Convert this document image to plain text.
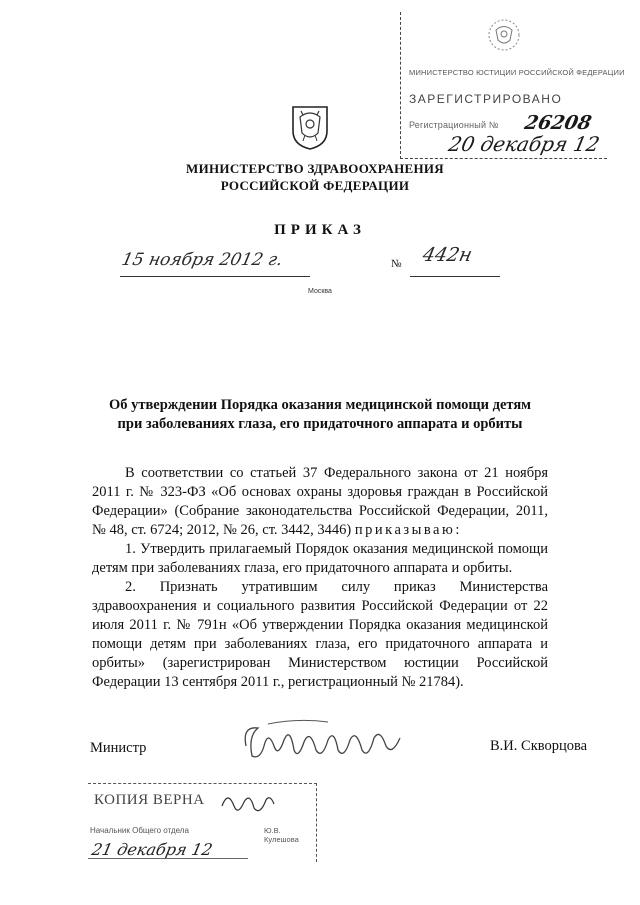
МИНИСТЕРСТВО ЮСТИЦИИ РОССИЙСКОЙ ФЕДЕРАЦИИ
ЗАРЕГИСТРИРОВАНО
Регистрационный №	26208
20 декабря 12
МИНИСТЕРСТВО ЗДРАВООХРАНЕНИЯ
РОССИЙСКОЙ ФЕДЕРАЦИИ
ПРИКАЗ
15 ноября 2012 г.	№ 442н
Москва
Об утверждении Порядка оказания медицинской помощи детям при заболеваниях глаза, его придаточного аппарата и орбиты

В соответствии со статьей 37 Федерального закона от 21 ноября 2011 г. № 323-ФЗ «Об основах охраны здоровья граждан в Российской Федерации» (Собрание законодательства Российской Федерации, 2011, № 48, ст. 6724; 2012, № 26, ст. 3442, 3446) приказываю:

1. Утвердить прилагаемый Порядок оказания медицинской помощи детям при заболеваниях глаза, его придаточного аппарата и орбиты.

2. Признать утратившим силу приказ Министерства здравоохранения и социального развития Российской Федерации от 22 июля 2011 г. № 791н «Об утверждении Порядка оказания медицинской помощи детям при заболеваниях глаза, его придаточного аппарата и орбиты» (зарегистрирован Министерством юстиции Российской Федерации 13 сентября 2011 г., регистрационный № 21784).

Министр	В.И. Скворцова
КОПИЯ ВЕРНА
Начальник Общего отдела	Ю.В. Кулешова
21 декабря 12
